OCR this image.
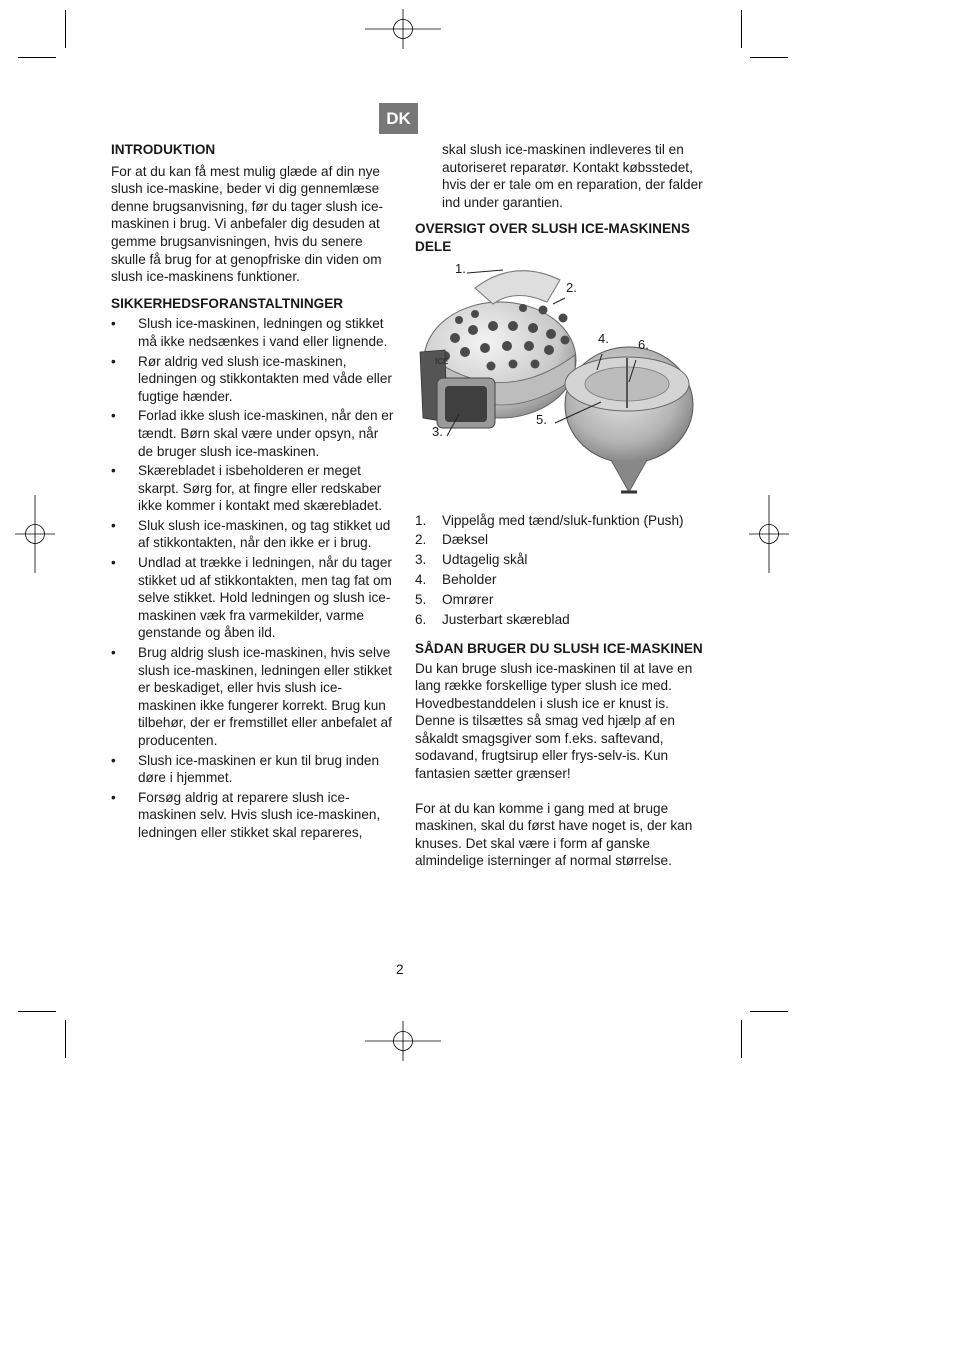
DK

INTRODUKTION

For at du kan få mest mulig glæde af din nye slush ice-maskine, beder vi dig gennemlæse denne brugsanvisning, før du tager slush ice-maskinen i brug. Vi anbefaler dig desuden at gemme brugsanvisningen, hvis du senere skulle få brug for at genopfriske din viden om slush ice-maskinens funktioner.

SIKKERHEDSFORANSTALTNINGER

• Slush ice-maskinen, ledningen og stikket må ikke nedsænkes i vand eller lignende.
• Rør aldrig ved slush ice-maskinen, ledningen og stikkontakten med våde eller fugtige hænder.
• Forlad ikke slush ice-maskinen, når den er tændt. Børn skal være under opsyn, når de bruger slush ice-maskinen.
• Skærebladet i isbeholderen er meget skarpt. Sørg for, at fingre eller redskaber ikke kommer i kontakt med skærebladet.
• Sluk slush ice-maskinen, og tag stikket ud af stikkontakten, når den ikke er i brug.
• Undlad at trække i ledningen, når du tager stikket ud af stikkontakten, men tag fat om selve stikket. Hold ledningen og slush ice-maskinen væk fra varmekilder, varme genstande og åben ild.
• Brug aldrig slush ice-maskinen, hvis selve slush ice-maskinen, ledningen eller stikket er beskadiget, eller hvis slush ice-maskinen ikke fungerer korrekt. Brug kun tilbehør, der er fremstillet eller anbefalet af producenten.
• Slush ice-maskinen er kun til brug inden døre i hjemmet.
• Forsøg aldrig at reparere slush ice-maskinen selv. Hvis slush ice-maskinen, ledningen eller stikket skal repareres,

skal slush ice-maskinen indleveres til en autoriseret reparatør. Kontakt købsstedet, hvis der er tale om en reparation, der falder ind under garantien.

OVERSIGT OVER SLUSH ICE-MASKINENS DELE

ICE
1.
2.
3.
4. 6.
5.
1.	Vippelåg med tænd/sluk-funktion (Push)
2.	Dæksel
3.	Udtagelig skål
4.	Beholder
5.	Omrører
6.	Justerbart skæreblad

SÅDAN BRUGER DU SLUSH ICE-MASKINEN

Du kan bruge slush ice-maskinen til at lave en lang række forskellige typer slush ice med. Hovedbestanddelen i slush ice er knust is. Denne is tilsættes så smag ved hjælp af en såkaldt smagsgiver som f.eks. saftevand, sodavand, frugtsirup eller frys-selv-is. Kun fantasien sætter grænser!

For at du kan komme i gang med at bruge maskinen, skal du først have noget is, der kan knuses. Det skal være i form af ganske almindelige isterninger af normal størrelse.

2
